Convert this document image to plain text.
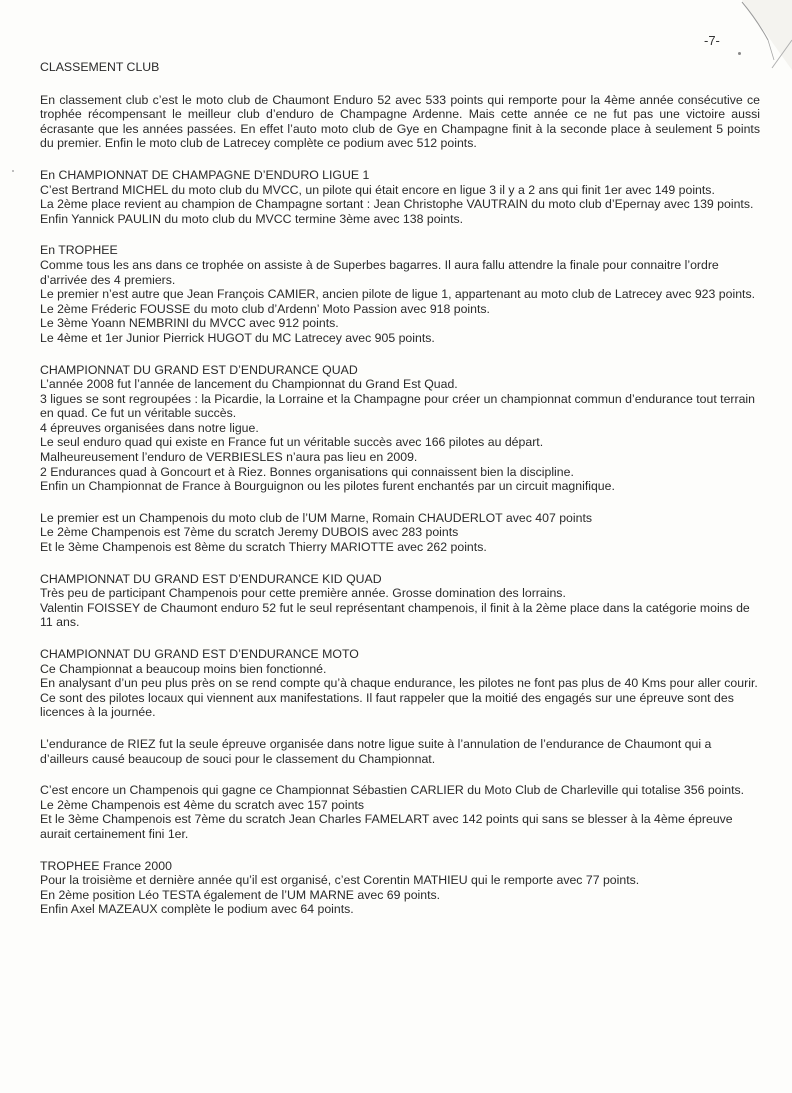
-7-
CLASSEMENT CLUB

En classement club c’est le moto club de Chaumont Enduro 52 avec 533 points qui remporte pour la 4ème année consécutive ce trophée récompensant le meilleur club d’enduro de Champagne Ardenne. Mais cette année ce ne fut pas une victoire aussi écrasante que les années passées. En effet l’auto moto club de Gye en Champagne finit à la seconde place à seulement 5 points du premier. Enfin le moto club de Latrecey complète ce podium avec 512 points.

En CHAMPIONNAT DE CHAMPAGNE D’ENDURO LIGUE 1

C’est Bertrand MICHEL du moto club du MVCC, un pilote qui était encore en ligue 3 il y a 2 ans qui finit 1er avec 149 points.

La 2ème place revient au champion de Champagne sortant : Jean Christophe VAUTRAIN du moto club d’Epernay avec 139 points.

Enfin Yannick PAULIN du moto club du MVCC termine 3ème avec 138 points.

En TROPHEE

Comme tous les ans dans ce trophée on assiste à de Superbes bagarres. Il aura fallu attendre la finale pour connaitre l’ordre d’arrivée des 4 premiers.

Le premier n’est autre que Jean François CAMIER, ancien pilote de ligue 1, appartenant au moto club de Latrecey avec 923 points.

Le 2ème Fréderic FOUSSE du moto club d’Ardenn’ Moto Passion avec 918 points.

Le 3ème Yoann NEMBRINI du MVCC avec 912 points.

Le 4ème et 1er Junior Pierrick HUGOT du MC Latrecey avec 905 points.

CHAMPIONNAT DU GRAND EST D’ENDURANCE QUAD

L’année 2008 fut l’année de lancement du Championnat du Grand Est Quad.

3 ligues se sont regroupées : la Picardie, la Lorraine et la Champagne pour créer un championnat commun d’endurance tout terrain en quad. Ce fut un véritable succès.

4 épreuves organisées dans notre ligue.

Le seul enduro quad qui existe en France fut un véritable succès avec 166 pilotes au départ.

Malheureusement l’enduro de VERBIESLES n’aura pas lieu en 2009.

2 Endurances quad à Goncourt et à Riez. Bonnes organisations qui connaissent bien la discipline.

Enfin un Championnat de France à Bourguignon ou les pilotes furent enchantés par un circuit magnifique.

Le premier est un Champenois du moto club de l’UM Marne, Romain CHAUDERLOT avec 407 points

Le 2ème Champenois est 7ème du scratch Jeremy DUBOIS avec 283 points

Et le 3ème Champenois est 8ème du scratch Thierry MARIOTTE avec 262 points.

CHAMPIONNAT DU GRAND EST D’ENDURANCE KID QUAD

Très peu de participant Champenois pour cette première année. Grosse domination des lorrains.

Valentin FOISSEY de Chaumont enduro 52 fut le seul représentant champenois, il finit à la 2ème place dans la catégorie moins de 11 ans.

CHAMPIONNAT DU GRAND EST D’ENDURANCE MOTO

Ce Championnat a beaucoup moins bien fonctionné.

En analysant d’un peu plus près on se rend compte qu’à chaque endurance, les pilotes ne font pas plus de 40 Kms pour aller courir. Ce sont des pilotes locaux qui viennent aux manifestations. Il faut rappeler que la moitié des engagés sur une épreuve sont des licences à la journée.

L’endurance de RIEZ fut la seule épreuve organisée dans notre ligue suite à l’annulation de l’endurance de Chaumont qui a d’ailleurs causé beaucoup de souci pour le classement du Championnat.

C’est encore un Champenois qui gagne ce Championnat Sébastien CARLIER du Moto Club de Charleville qui totalise 356 points.

Le 2ème Champenois est 4ème du scratch avec 157 points

Et le 3ème Champenois est 7ème du scratch Jean Charles FAMELART avec 142 points qui sans se blesser à la 4ème épreuve aurait certainement fini 1er.

TROPHEE France 2000

Pour la troisième et dernière année qu’il est organisé, c’est Corentin MATHIEU qui le remporte avec 77 points.

En 2ème position Léo TESTA également de l’UM MARNE avec 69 points.

Enfin Axel MAZEAUX complète le podium avec 64 points.
